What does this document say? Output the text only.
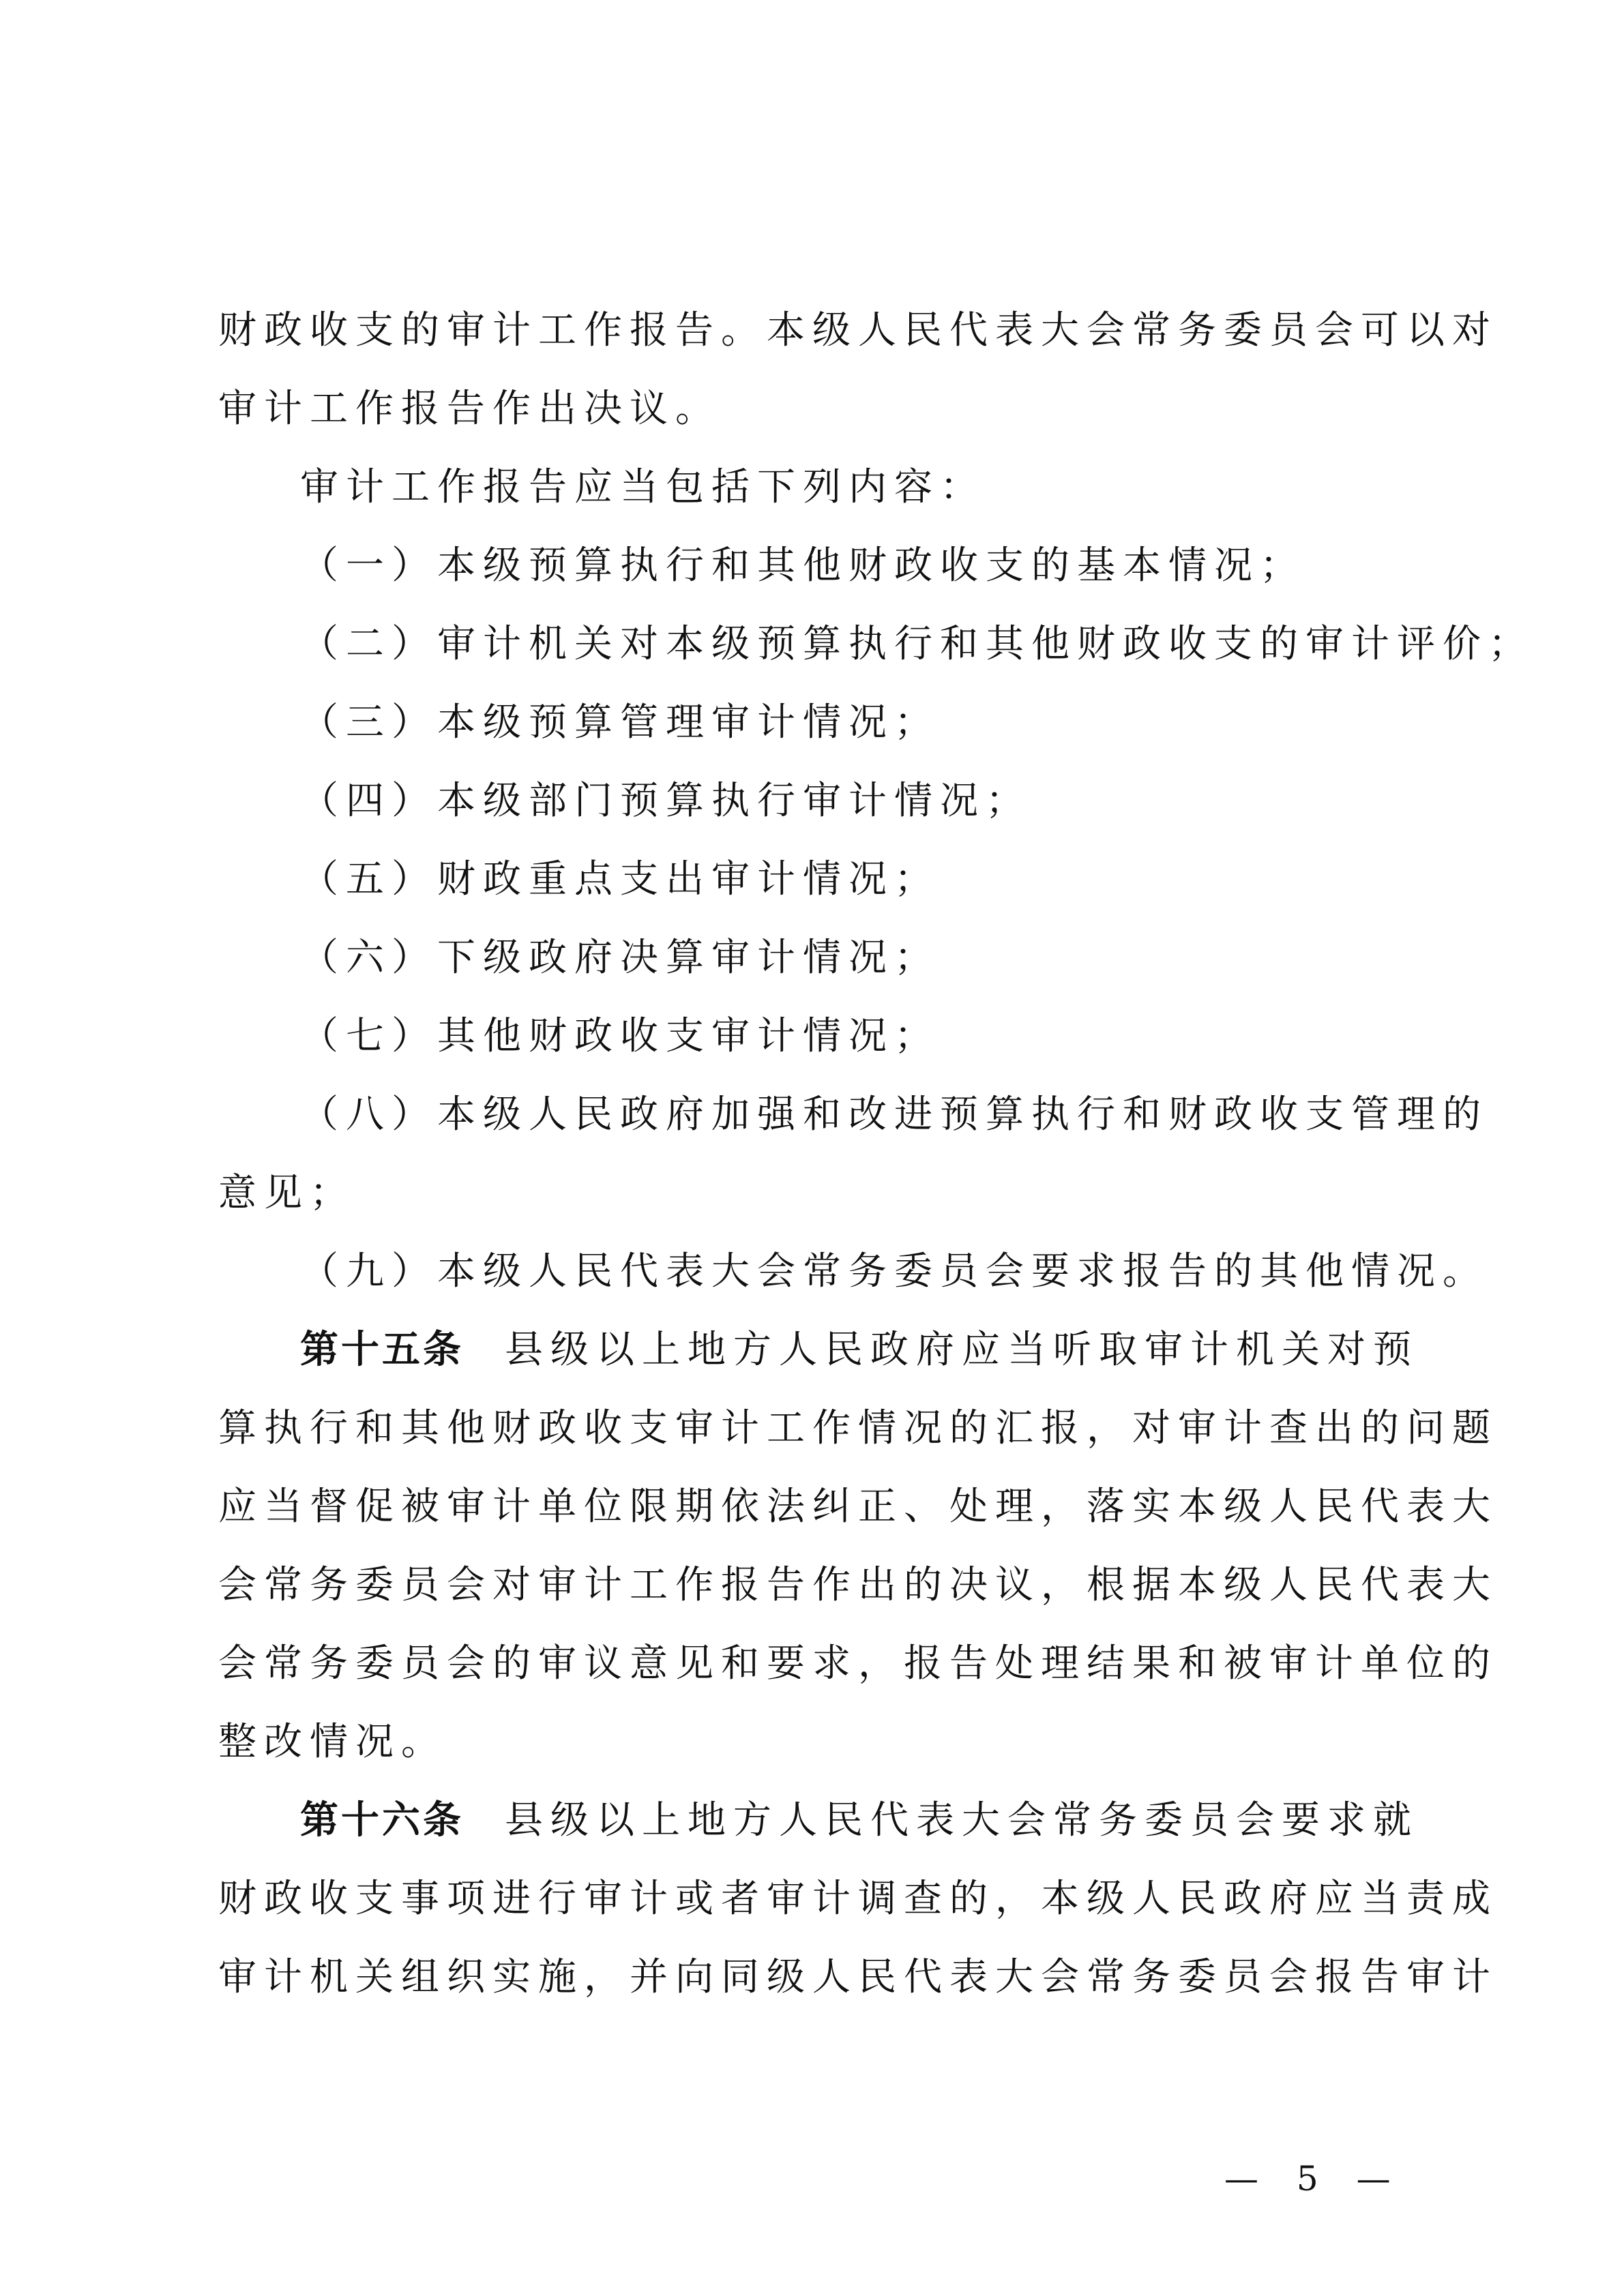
财政收支的审计工作报告。本级人民代表大会常务委员会可以对
审计工作报告作出决议。
审计工作报告应当包括下列内容：
（一）本级预算执行和其他财政收支的基本情况；
（二）审计机关对本级预算执行和其他财政收支的审计评价；
（三）本级预算管理审计情况；
（四）本级部门预算执行审计情况；
（五）财政重点支出审计情况；
（六）下级政府决算审计情况；
（七）其他财政收支审计情况；
（八）本级人民政府加强和改进预算执行和财政收支管理的
意见；
（九）本级人民代表大会常务委员会要求报告的其他情况。
第十五条 县级以上地方人民政府应当听取审计机关对预
算执行和其他财政收支审计工作情况的汇报，对审计查出的问题
应当督促被审计单位限期依法纠正、处理，落实本级人民代表大
会常务委员会对审计工作报告作出的决议，根据本级人民代表大
会常务委员会的审议意见和要求，报告处理结果和被审计单位的
整改情况。
第十六条 县级以上地方人民代表大会常务委员会要求就
财政收支事项进行审计或者审计调查的，本级人民政府应当责成
审计机关组织实施，并向同级人民代表大会常务委员会报告审计
— 5 —
